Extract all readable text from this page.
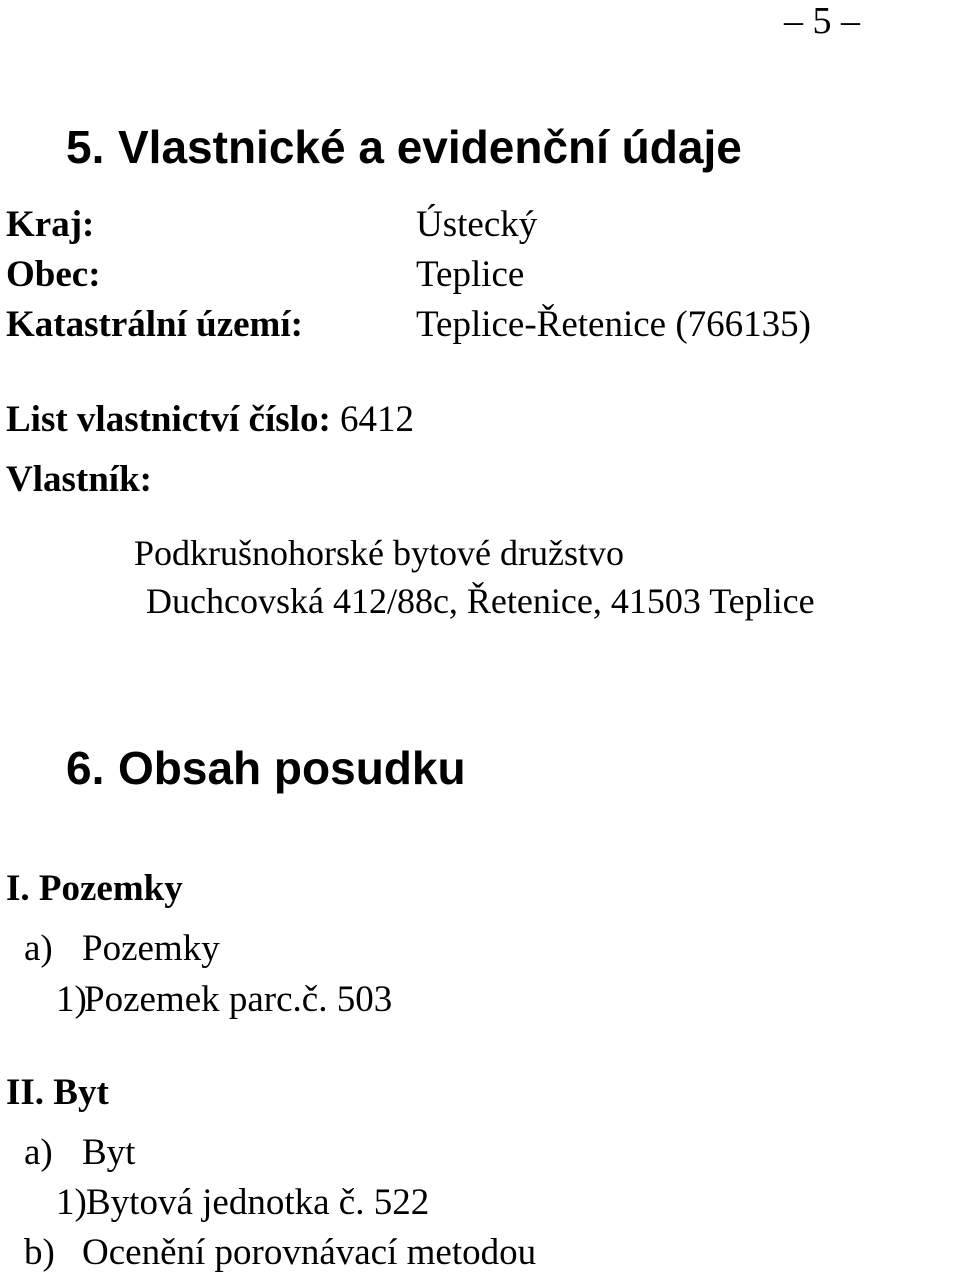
– 5 –
5. Vlastnické a evidenční údaje
Kraj:	Ústecký
Obec:	Teplice
Katastrální území:	Teplice-Řetenice (766135)
List vlastnictví číslo: 6412
Vlastník:
Podkrušnohorské bytové družstvo
Duchcovská 412/88c, Řetenice, 41503 Teplice
6. Obsah posudku
I. Pozemky
a) Pozemky
1)
Pozemek parc.č. 503
II. Byt
a) Byt
1) Bytová jednotka č. 522
b) Ocenění porovnávací metodou
